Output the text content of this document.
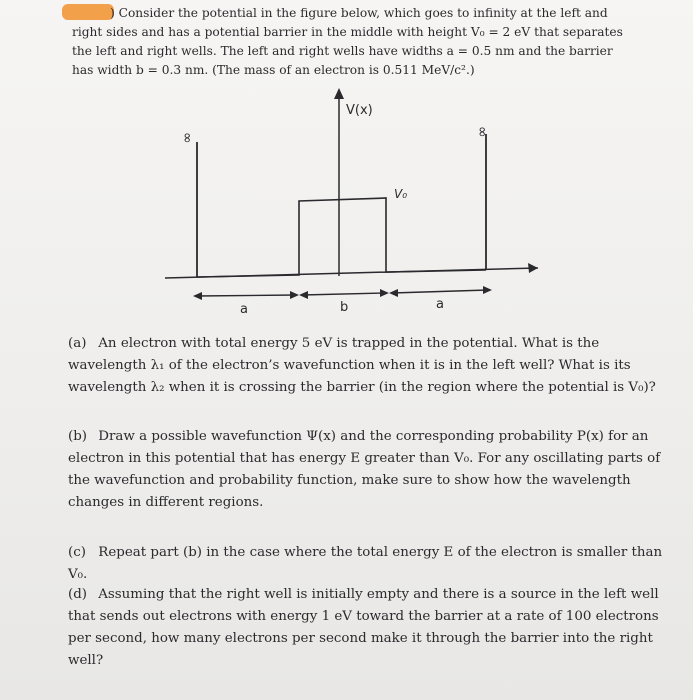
) Consider the potential in the figure below, which goes to infinity at the left and right sides and has a potential barrier in the middle with height V₀ = 2 eV that separates the left and right wells. The left and right wells have widths a = 0.5 nm and the barrier has width b = 0.3 nm. (The mass of an electron is 0.511 MeV/c².)
V(x)
∞
∞
V₀
a	b	a
(a) An electron with total energy 5 eV is trapped in the potential. What is the wavelength λ₁ of the electron’s wavefunction when it is in the left well? What is its wavelength λ₂ when it is crossing the barrier (in the region where the potential is V₀)?
(b) Draw a possible wavefunction Ψ(x) and the corresponding probability P(x) for an electron in this potential that has energy E greater than V₀. For any oscillating parts of the wavefunction and probability function, make sure to show how the wavelength changes in different regions.
(c) Repeat part (b) in the case where the total energy E of the electron is smaller than V₀.
(d) Assuming that the right well is initially empty and there is a source in the left well that sends out electrons with energy 1 eV toward the barrier at a rate of 100 electrons per second, how many electrons per second make it through the barrier into the right well?
